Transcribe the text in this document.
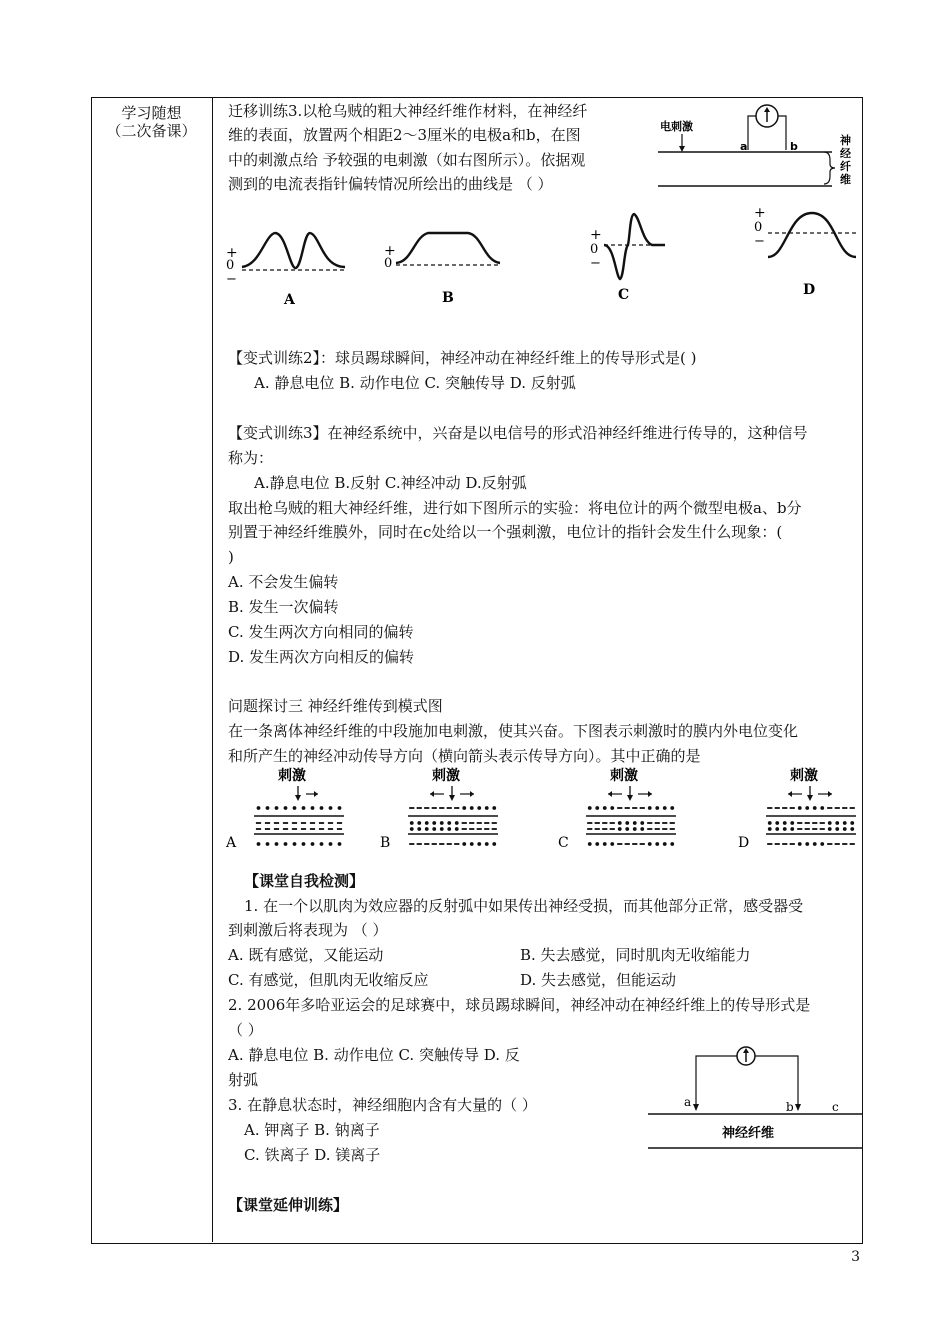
学习随想
（二次备课）
迁移训练3.以枪乌贼的粗大神经纤维作材料，在神经纤
维的表面，放置两个相距2～3厘米的电极a和b，在图
中的刺激点给 予较强的电刺激（如右图所示）。依据观
测到的电流表指针偏转情况所绘出的曲线是 （ ）
电刺激
a	b	神
经
纤
维
+
0
−
A
+
0
B
+
0
−
C
+
0
−
D
【变式训练2】：球员踢球瞬间，神经冲动在神经纤维上的传导形式是( )
A. 静息电位 B. 动作电位 C. 突触传导 D. 反射弧
【变式训练3】在神经系统中，兴奋是以电信号的形式沿神经纤维进行传导的，这种信号
称为：
A.静息电位 B.反射 C.神经冲动 D.反射弧
取出枪乌贼的粗大神经纤维，进行如下图所示的实验：将电位计的两个微型电极a、b分
别置于神经纤维膜外，同时在c处给以一个强刺激，电位计的指针会发生什么现象：(
)
A. 不会发生偏转
B. 发生一次偏转
C. 发生两次方向相同的偏转
D. 发生两次方向相反的偏转
问题探讨三 神经纤维传到模式图
在一条离体神经纤维的中段施加电刺激，使其兴奋。下图表示刺激时的膜内外电位变化
和所产生的神经冲动传导方向（横向箭头表示传导方向）。其中正确的是
刺激
A
刺激
B
刺激
C
刺激
D
【课堂自我检测】
1. 在一个以肌肉为效应器的反射弧中如果传出神经受损，而其他部分正常，感受器受
到刺激后将表现为 （ ）
A. 既有感觉，又能运动	B. 失去感觉，同时肌肉无收缩能力
C. 有感觉，但肌肉无收缩反应	D. 失去感觉，但能运动
2. 2006年多哈亚运会的足球赛中，球员踢球瞬间，神经冲动在神经纤维上的传导形式是
（ ）
A. 静息电位 B. 动作电位 C. 突触传导 D. 反
射弧
3. 在静息状态时，神经细胞内含有大量的（ ）
A. 钾离子 B. 钠离子
C. 铁离子 D. 镁离子
a	b	c
神经纤维
【课堂延伸训练】
3
